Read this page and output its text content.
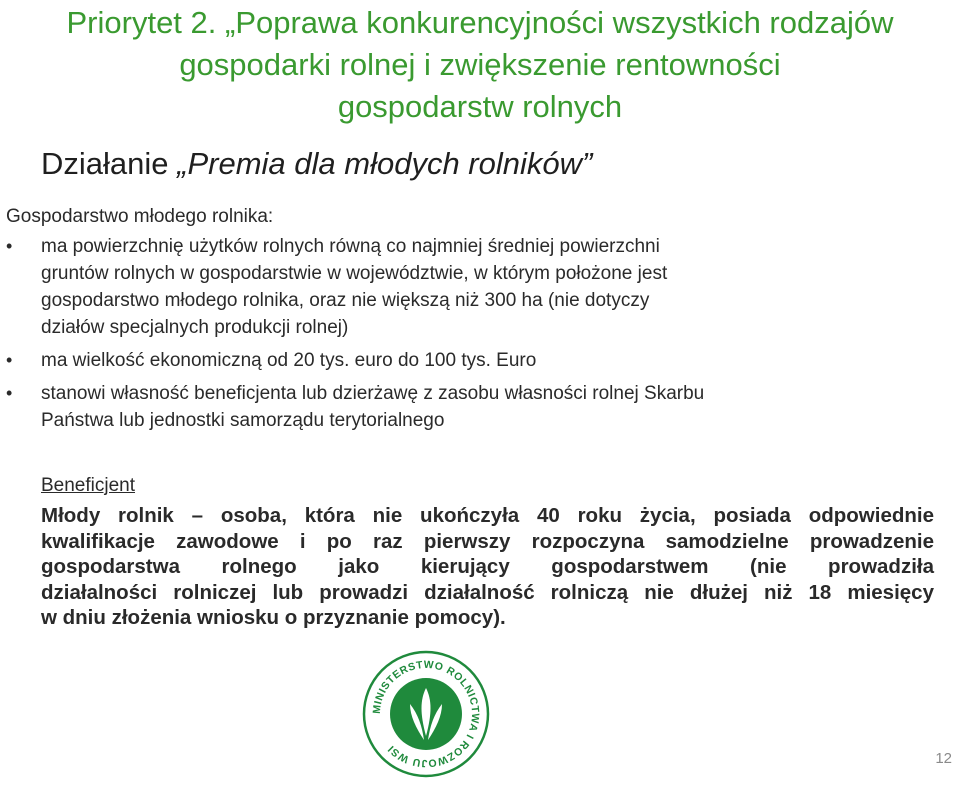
Priorytet 2. „Poprawa konkurencyjności wszystkich rodzajów
gospodarki rolnej i zwiększenie rentowności
gospodarstw rolnych
Działanie „Premia dla młodych rolników”
Gospodarstwo młodego rolnika:
• ma powierzchnię użytków rolnych równą co najmniej średniej powierzchni
gruntów rolnych w gospodarstwie w województwie, w którym położone jest
gospodarstwo młodego rolnika, oraz nie większą niż 300 ha (nie dotyczy
działów specjalnych produkcji rolnej)
• ma wielkość ekonomiczną od 20 tys. euro do 100 tys. Euro
• stanowi własność beneficjenta lub dzierżawę z zasobu własności rolnej Skarbu
Państwa lub jednostki samorządu terytorialnego
Beneficjent
Młody rolnik – osoba, która nie ukończyła 40 roku życia, posiada odpowiednie
kwalifikacje zawodowe i po raz pierwszy rozpoczyna samodzielne prowadzenie
gospodarstwa rolnego jako kierujący gospodarstwem (nie prowadziła
działalności rolniczej lub prowadzi działalność rolniczą nie dłużej niż 18 miesięcy
w dniu złożenia wniosku o przyznanie pomocy).
MINISTERSTWO ROLNICTWA I ROZWOJU WSI
12
